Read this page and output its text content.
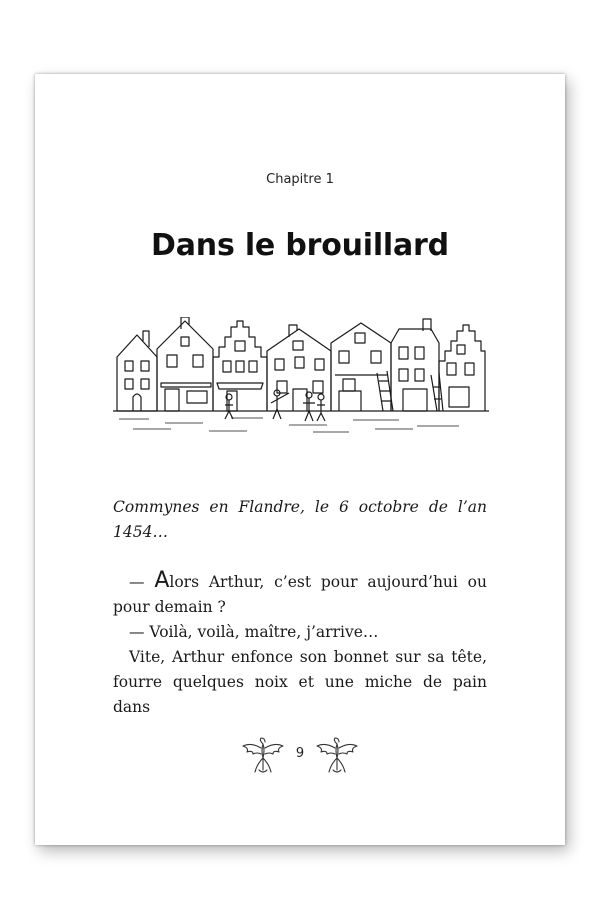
Chapitre 1
Dans le brouillard
Commynes en Flandre, le 6 octobre de l’an 1454…

— Alors Arthur, c’est pour aujourd’hui ou pour demain ?

— Voilà, voilà, maître, j’arrive…

Vite, Arthur enfonce son bonnet sur sa tête, fourre quelques noix et une miche de pain dans

9
